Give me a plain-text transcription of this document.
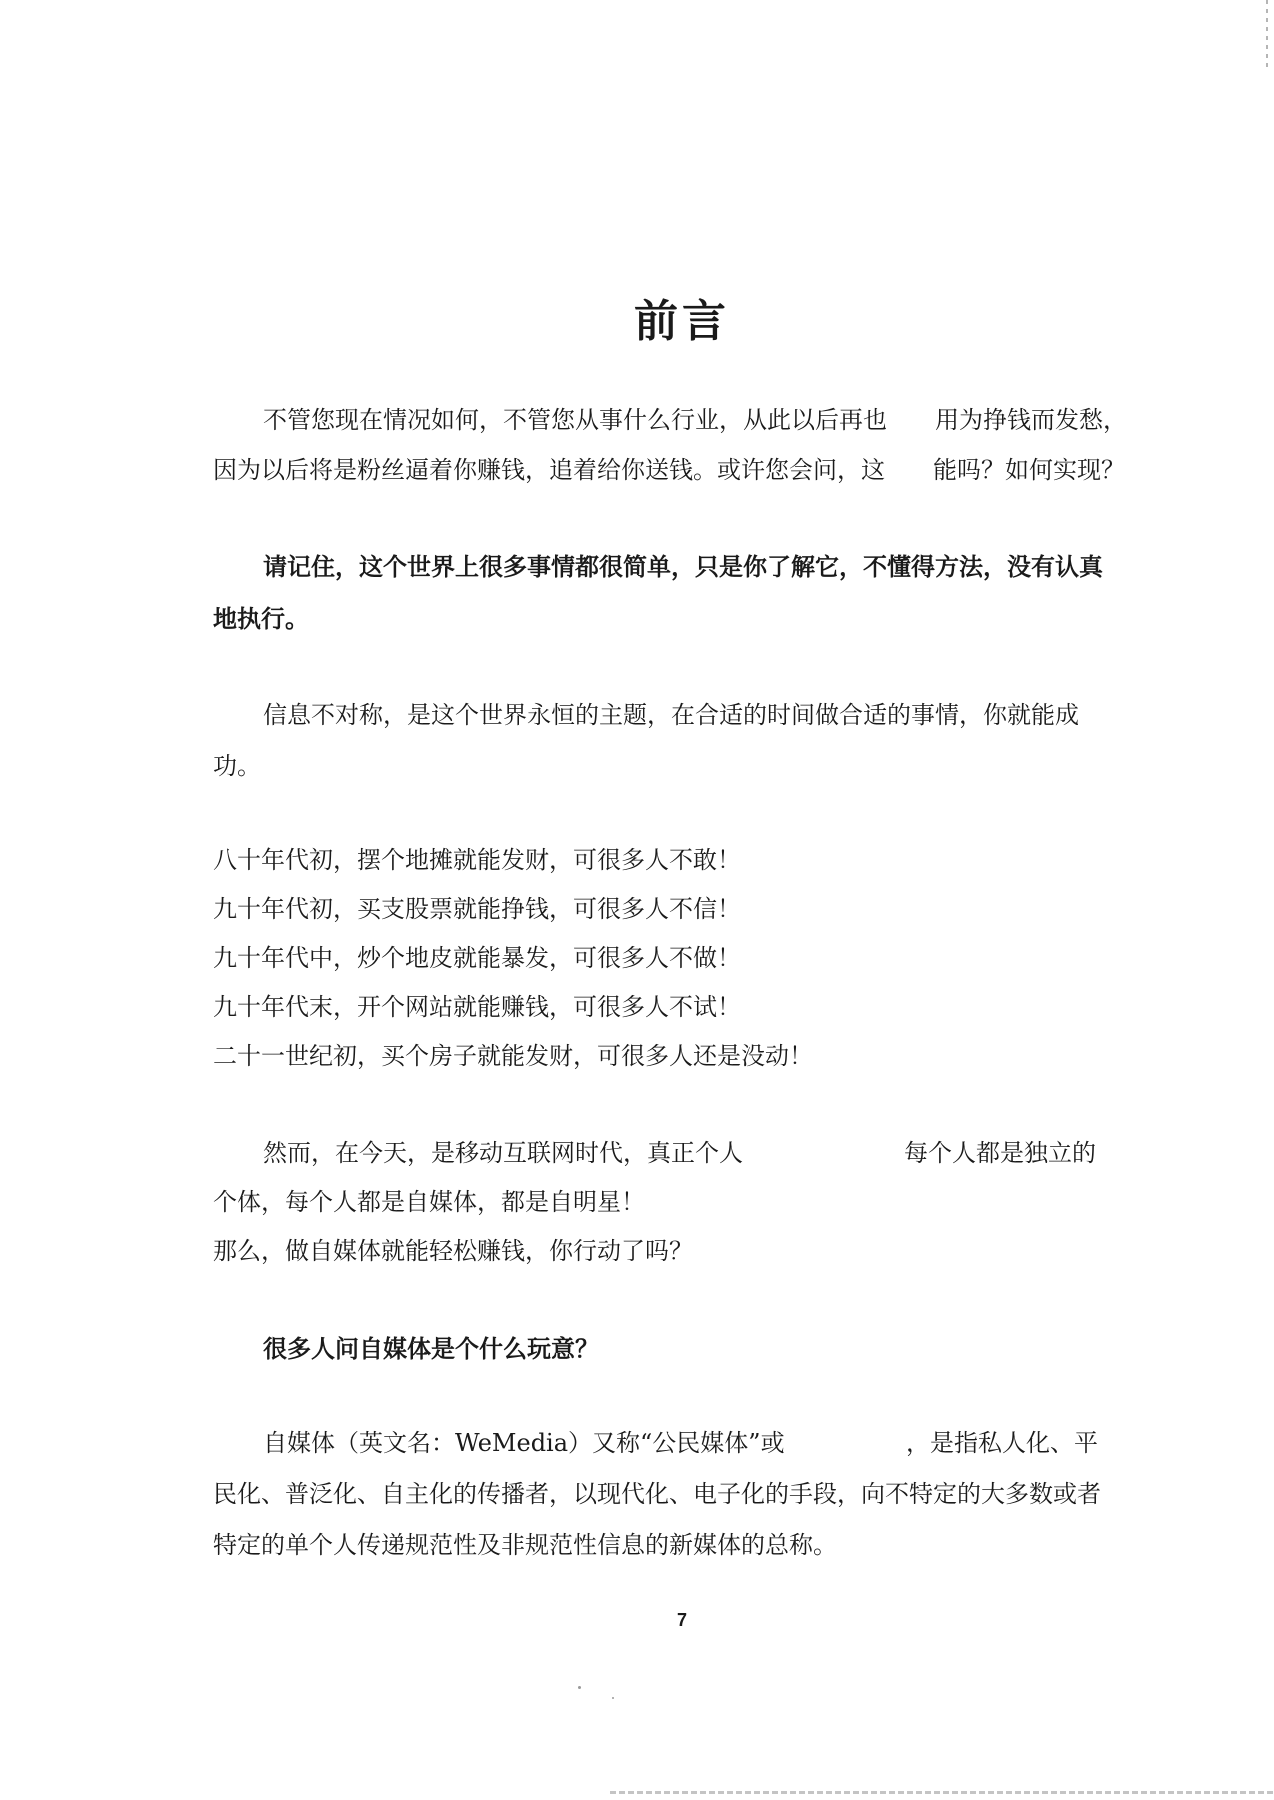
前言
不管您现在情况如何，不管您从事什么行业，从此以后再也　　用为挣钱而发愁，
因为以后将是粉丝逼着你赚钱，追着给你送钱。或许您会问，这　　能吗？如何实现？
请记住，这个世界上很多事情都很简单，只是你了解它，不懂得方法，没有认真
地执行。
信息不对称，是这个世界永恒的主题，在合适的时间做合适的事情，你就能成
功。
八十年代初，摆个地摊就能发财，可很多人不敢！
九十年代初，买支股票就能挣钱，可很多人不信！
九十年代中，炒个地皮就能暴发，可很多人不做！
九十年代末，开个网站就能赚钱，可很多人不试！
二十一世纪初，买个房子就能发财，可很多人还是没动！
然而，在今天，是移动互联网时代，真正个人	每个人都是独立的
个体，每个人都是自媒体，都是自明星！
那么，做自媒体就能轻松赚钱，你行动了吗？
很多人问自媒体是个什么玩意？
自媒体（英文名：WeMedia）又称“公民媒体”或	，是指私人化、平
民化、普泛化、自主化的传播者，以现代化、电子化的手段，向不特定的大多数或者
特定的单个人传递规范性及非规范性信息的新媒体的总称。
7
